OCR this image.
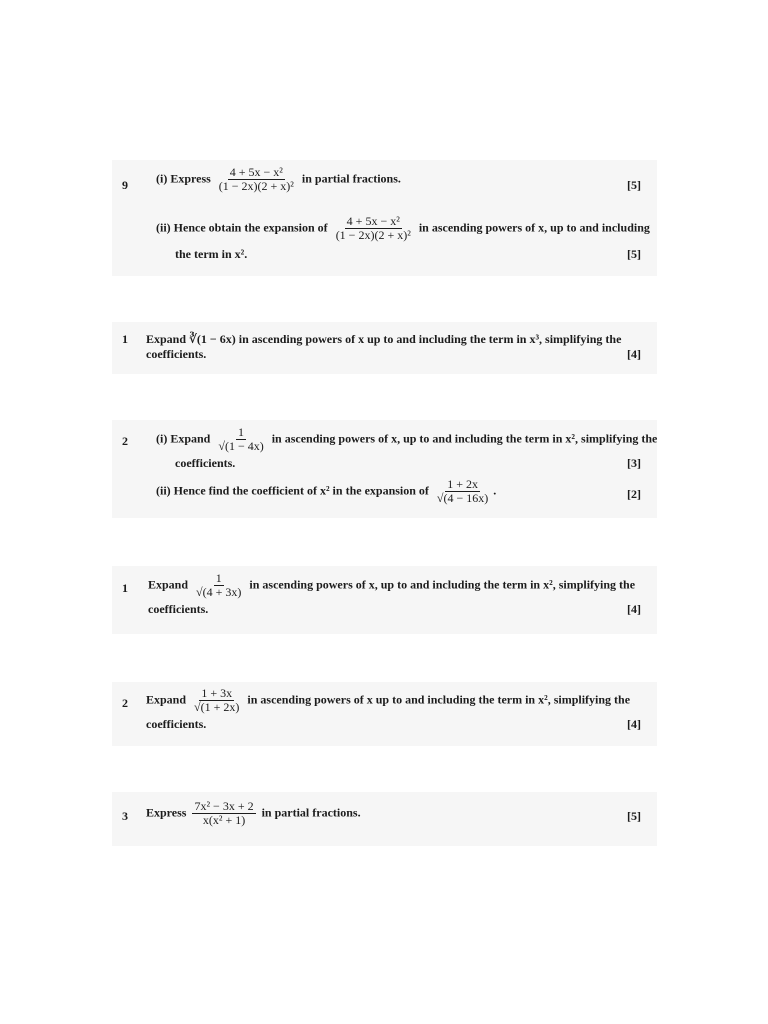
9 (i) Express $\frac{\text{4 + 5x − x²}}{\text{(1 − 2x)(2 + x)²}}$ in partial fractions.	[5]
(ii) Hence obtain the expansion of $\frac{\text{4 + 5x − x²}}{\text{(1 − 2x)(2 + x)²}}$ in ascending powers of x, up to and including
the term in x².	[5]
1 Expand ∛(1 − 6x) in ascending powers of x up to and including the term in x³, simplifying the
coefficients.	[4]
2 (i) Expand $\frac{1}{√(1 - 4x)}$ in ascending powers of x, up to and including the term in x², simplifying the
coefficients.	[3]
(ii) Hence find the coefficient of x² in the expansion of $\frac{1 + 2x}{√(4 - 16x)}$ .	[2]
1 Expand $\frac{1}{√(4 + 3x)}$ in ascending powers of x, up to and including the term in x², simplifying the
coefficients.	[4]
2 Expand $\frac{1 + 3x}{√(1 + 2x)}$ in ascending powers of x up to and including the term in x², simplifying the
coefficients.	[4]
3 Express $\frac{\text{7x² − 3x + 2}}{\text{x(x² + 1)}}$ in partial fractions.	[5]
